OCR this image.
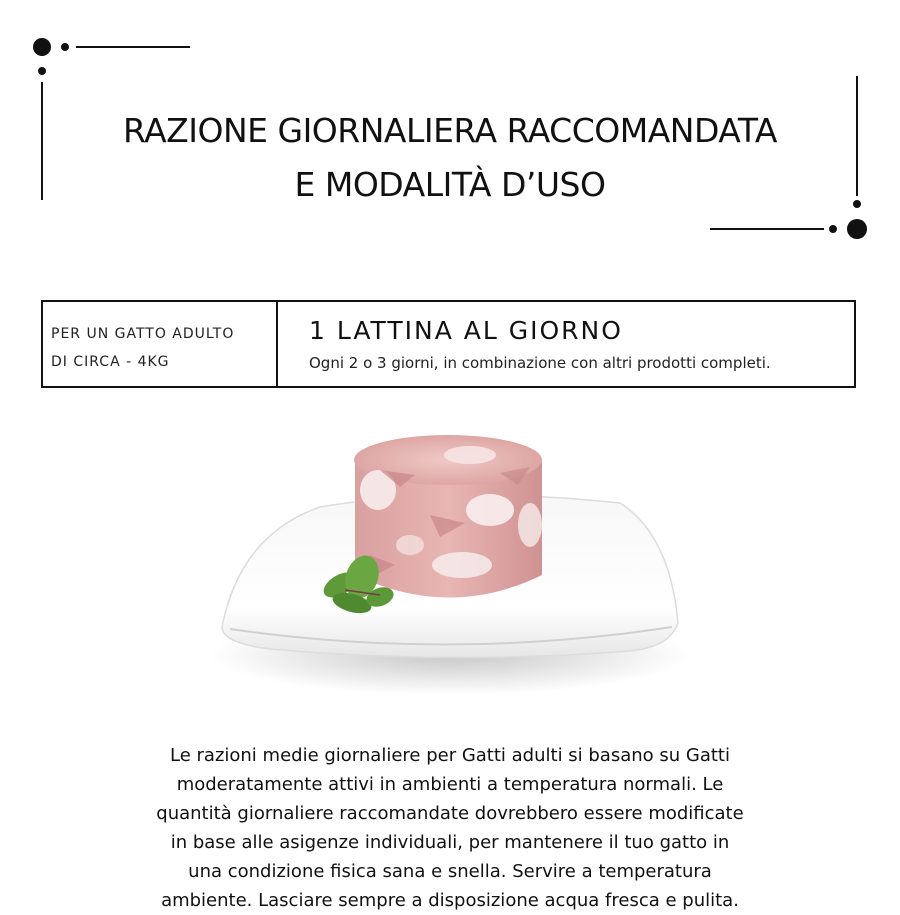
RAZIONE GIORNALIERA RACCOMANDATA
E MODALITÀ D’USO
PER UN GATTO ADULTO
DI CIRCA - 4KG
1 LATTINA AL GIORNO
Ogni 2 o 3 giorni, in combinazione con altri prodotti completi.
Le razioni medie giornaliere per Gatti adulti si basano su Gatti
moderatamente attivi in ambienti a temperatura normali. Le
quantità giornaliere raccomandate dovrebbero essere modificate
in base alle asigenze individuali, per mantenere il tuo gatto in
una condizione fisica sana e snella. Servire a temperatura
ambiente. Lasciare sempre a disposizione acqua fresca e pulita.
